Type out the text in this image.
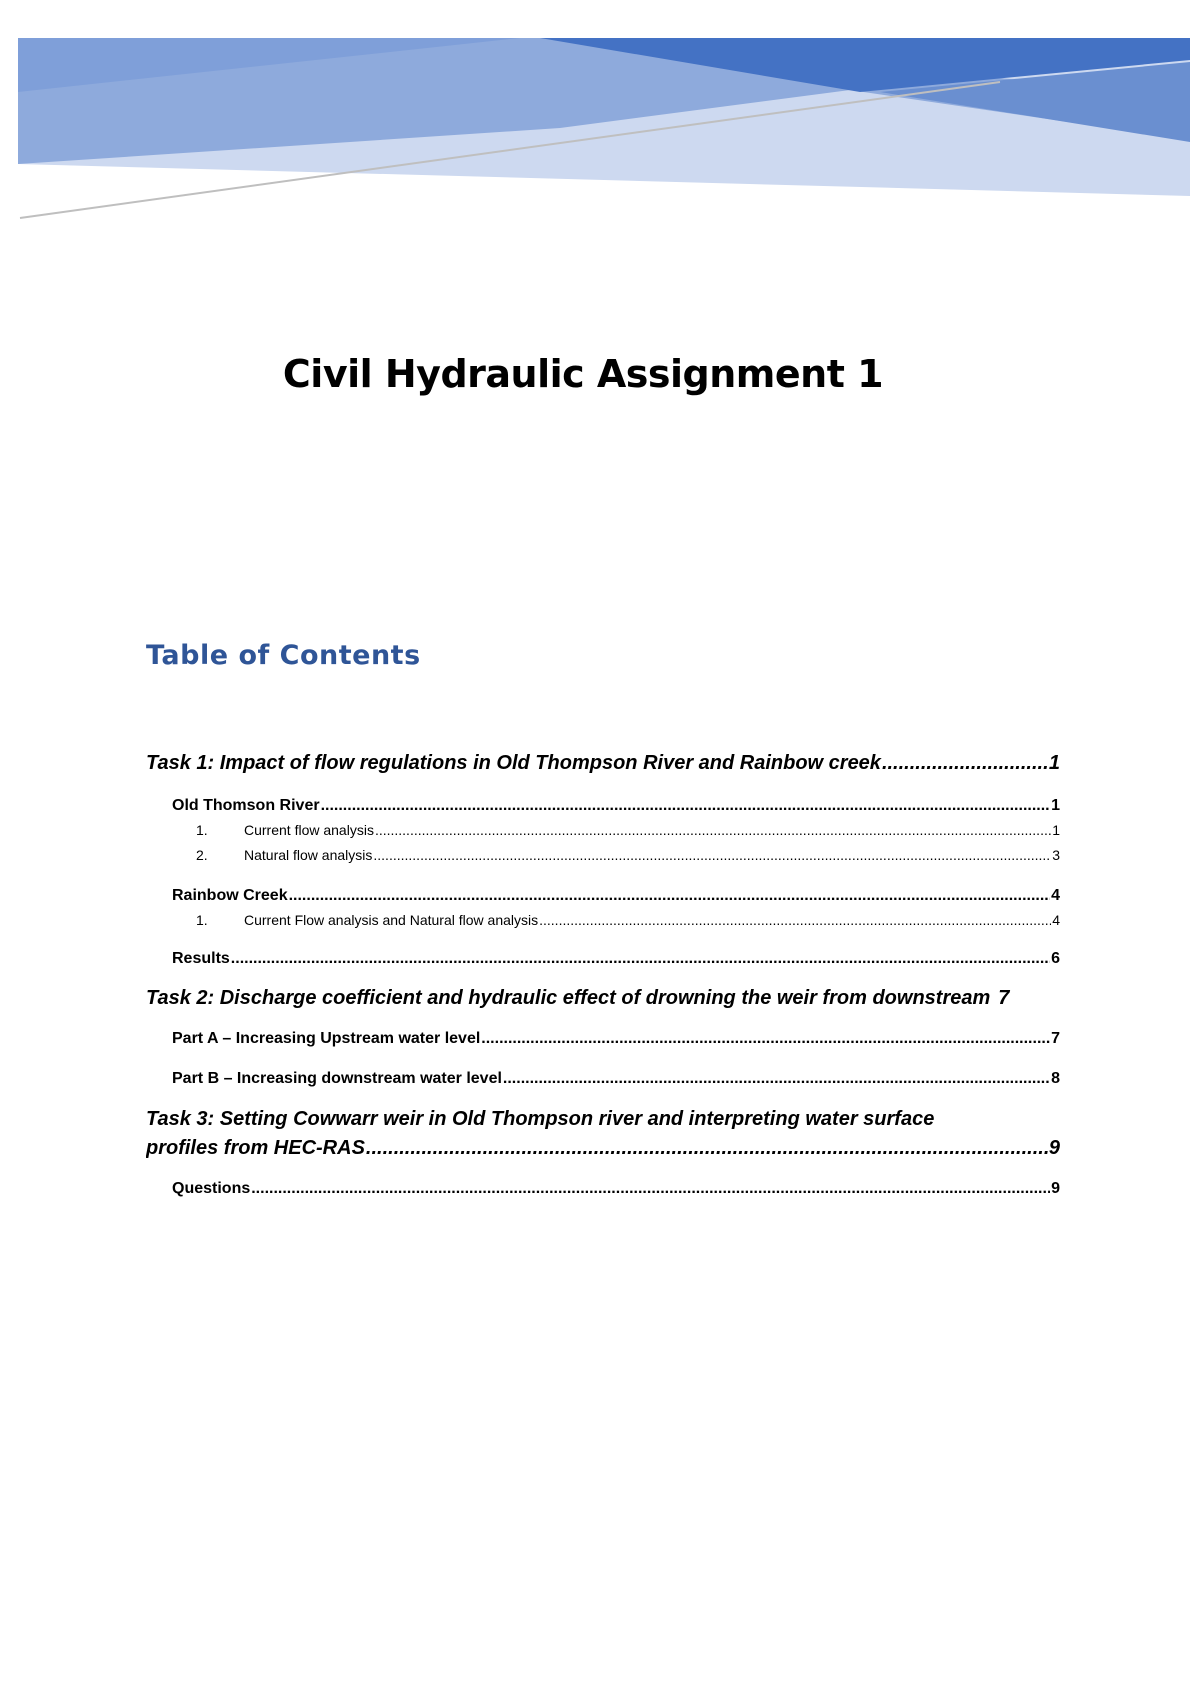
Civil Hydraulic Assignment 1
Table of Contents
Task 1: Impact of flow regulations in Old Thompson River and Rainbow creek .....	1
Old Thomson River .....	1
1.	Current flow analysis .....	1
2.	Natural flow analysis .....	3
Rainbow Creek .....	4
1.	Current Flow analysis and Natural flow analysis .....	4
Results .....	6
Task 2: Discharge coefficient and hydraulic effect of drowning the weir from downstream 7
Part A – Increasing Upstream water level .....	7
Part B – Increasing downstream water level .....	8
Task 3: Setting Cowwarr weir in Old Thompson river and interpreting water surface
profiles from HEC-RAS .....	9
Questions .....	9
